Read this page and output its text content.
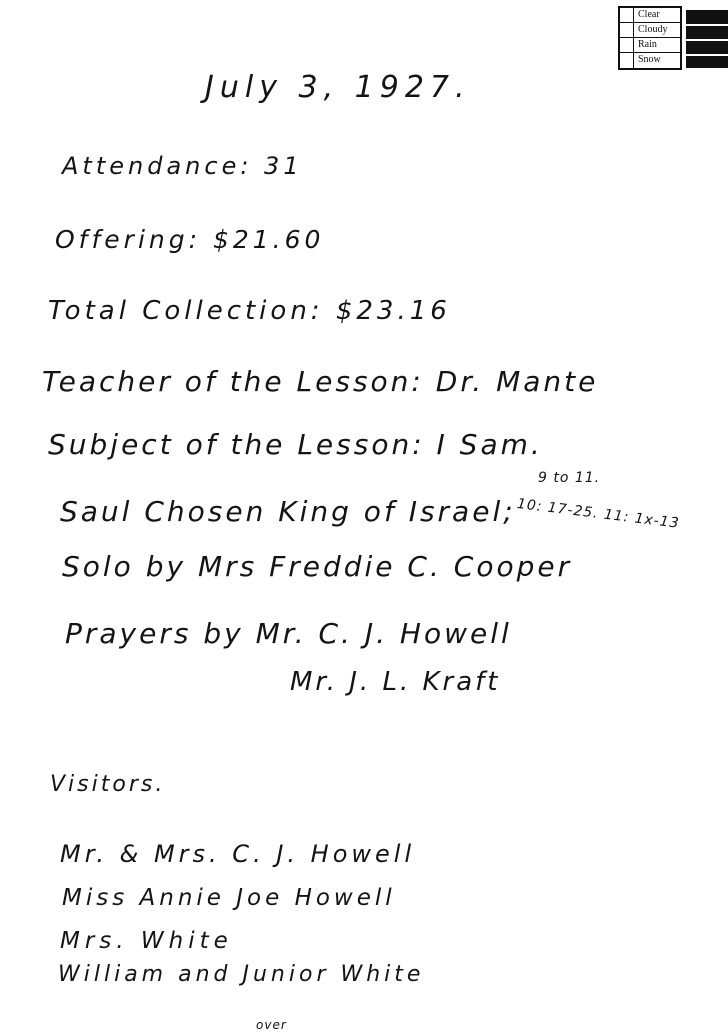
Clear
Cloudy
Rain
Snow
July 3, 1927.
Attendance: 31
Offering: $21.60
Total Collection: $23.16
Teacher of the Lesson: Dr. Mante
Subject of the Lesson: I Sam.
9 to 11.
10: 17-25. 11: 1x-13
Saul Chosen King of Israel;
Solo by Mrs Freddie C. Cooper
Prayers by Mr. C. J. Howell
Mr. J. L. Kraft
Visitors.
Mr. & Mrs. C. J. Howell
Miss Annie Joe Howell
Mrs. White
William and Junior White
over
